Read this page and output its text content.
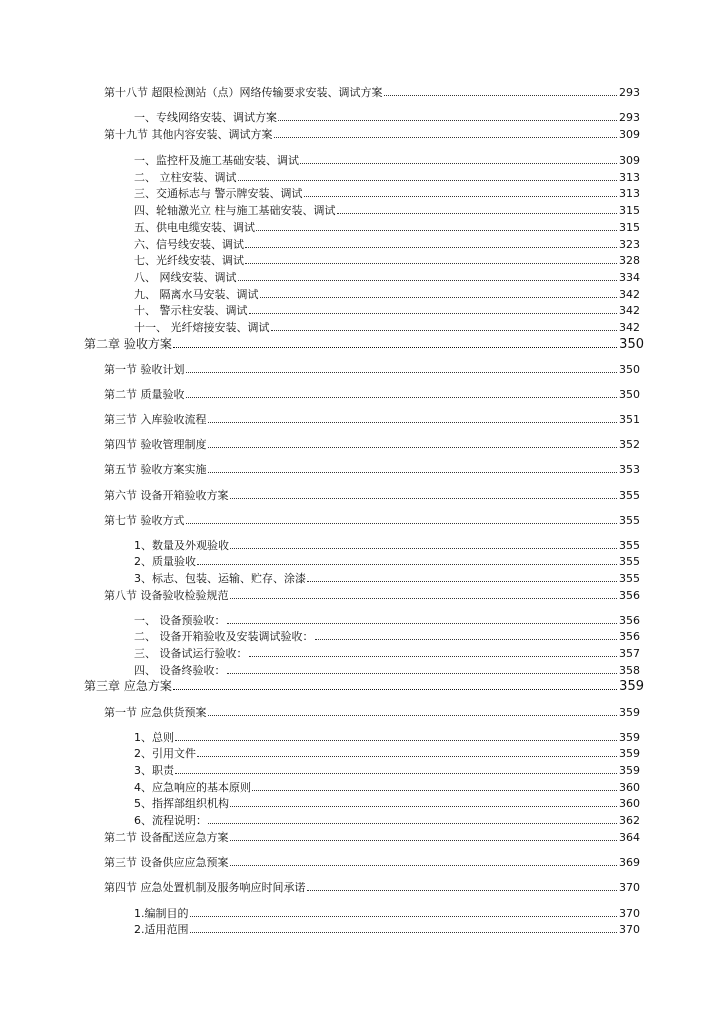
第十八节 超限检测站（点）网络传输要求安装、调试方案	293
一、专线网络安装、调试方案	293
第十九节 其他内容安装、调试方案	309
一、监控杆及施工基础安装、调试	309
二、 立柱安装、调试	313
三、交通标志与 警示牌安装、调试	313
四、轮轴激光立 柱与施工基础安装、调试	315
五、供电电缆安装、调试	315
六、信号线安装、调试	323
七、光纤线安装、调试	328
八、 网线安装、调试	334
九、 隔离水马安装、调试	342
十、 警示柱安装、调试	342
十一、 光纤熔接安装、调试	342
第二章 验收方案	350
第一节 验收计划	350
第二节 质量验收	350
第三节 入库验收流程	351
第四节 验收管理制度	352
第五节 验收方案实施	353
第六节 设备开箱验收方案	355
第七节 验收方式	355
1、数量及外观验收	355
2、质量验收	355
3、标志、包装、运输、贮存、涂漆	355
第八节 设备验收检验规范	356
一、 设备预验收：	356
二、 设备开箱验收及安装调试验收：	356
三、 设备试运行验收：	357
四、 设备终验收：	358
第三章 应急方案	359
第一节 应急供货预案	359
1、总则	359
2、引用文件	359
3、职责	359
4、应急响应的基本原则	360
5、指挥部组织机构	360
6、流程说明：	362
第二节 设备配送应急方案	364
第三节 设备供应应急预案	369
第四节 应急处置机制及服务响应时间承诺	370
1.编制目的	370
2.适用范围	370
